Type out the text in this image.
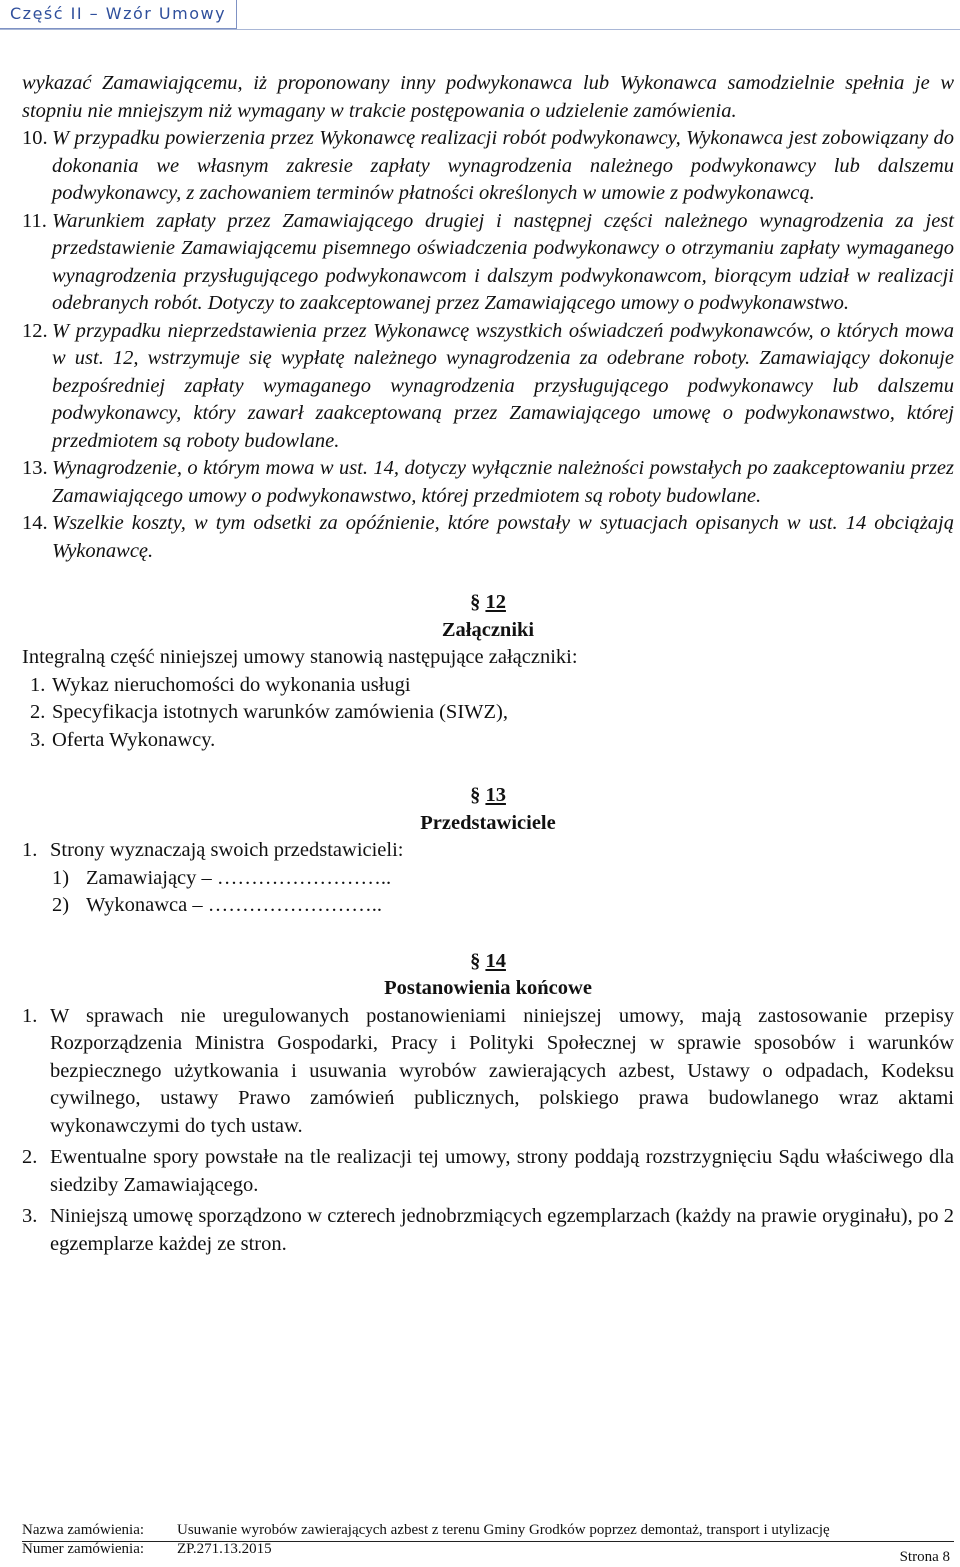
Część II – Wzór Umowy

wykazać Zamawiającemu, iż proponowany inny podwykonawca lub Wykonawca samodzielnie spełnia je w stopniu nie mniejszym niż wymagany w trakcie postępowania o udzielenie zamówienia.

10. W przypadku powierzenia przez Wykonawcę realizacji robót podwykonawcy, Wykonawca jest zobowiązany do dokonania we własnym zakresie zapłaty wynagrodzenia należnego podwykonawcy lub dalszemu podwykonawcy, z zachowaniem terminów płatności określonych w umowie z podwykonawcą.

11. Warunkiem zapłaty przez Zamawiającego drugiej i następnej części należnego wynagrodzenia za jest przedstawienie Zamawiającemu pisemnego oświadczenia podwykonawcy o otrzymaniu zapłaty wymaganego wynagrodzenia przysługującego podwykonawcom i dalszym podwykonawcom, biorącym udział w realizacji odebranych robót. Dotyczy to zaakceptowanej przez Zamawiającego umowy o podwykonawstwo.

12. W przypadku nieprzedstawienia przez Wykonawcę wszystkich oświadczeń podwykonawców, o których mowa w ust. 12, wstrzymuje się wypłatę należnego wynagrodzenia za odebrane roboty. Zamawiający dokonuje bezpośredniej zapłaty wymaganego wynagrodzenia przysługującego podwykonawcy lub dalszemu podwykonawcy, który zawarł zaakceptowaną przez Zamawiającego umowę o podwykonawstwo, której przedmiotem są roboty budowlane.

13. Wynagrodzenie, o którym mowa w ust. 14, dotyczy wyłącznie należności powstałych po zaakceptowaniu przez Zamawiającego umowy o podwykonawstwo, której przedmiotem są roboty budowlane.

14. Wszelkie koszty, w tym odsetki za opóźnienie, które powstały w sytuacjach opisanych w ust. 14 obciążają Wykonawcę.

§ 12

Załączniki

Integralną część niniejszej umowy stanowią następujące załączniki:

1. Wykaz nieruchomości do wykonania usługi
2. Specyfikacja istotnych warunków zamówienia (SIWZ),
3. Oferta Wykonawcy.

§ 13

Przedstawiciele

1. Strony wyznaczają swoich przedstawicieli:
1) Zamawiający – ……………………..
2) Wykonawca – ……………………..

§ 14

Postanowienia końcowe

1. W sprawach nie uregulowanych postanowieniami niniejszej umowy, mają zastosowanie przepisy Rozporządzenia Ministra Gospodarki, Pracy i Polityki Społecznej w sprawie sposobów i warunków bezpiecznego użytkowania i usuwania wyrobów zawierających azbest, Ustawy o odpadach, Kodeksu cywilnego, ustawy Prawo zamówień publicznych, polskiego prawa budowlanego wraz aktami wykonawczymi do tych ustaw.
2. Ewentualne spory powstałe na tle realizacji tej umowy, strony poddają rozstrzygnięciu Sądu właściwego dla siedziby Zamawiającego.
3. Niniejszą umowę sporządzono w czterech jednobrzmiących egzemplarzach (każdy na prawie oryginału), po 2 egzemplarze każdej ze stron.
Nazwa zamówienia: Usuwanie wyrobów zawierających azbest z terenu Gminy Grodków poprzez demontaż, transport i utylizację
Numer zamówienia: ZP.271.13.2015	Strona 8
